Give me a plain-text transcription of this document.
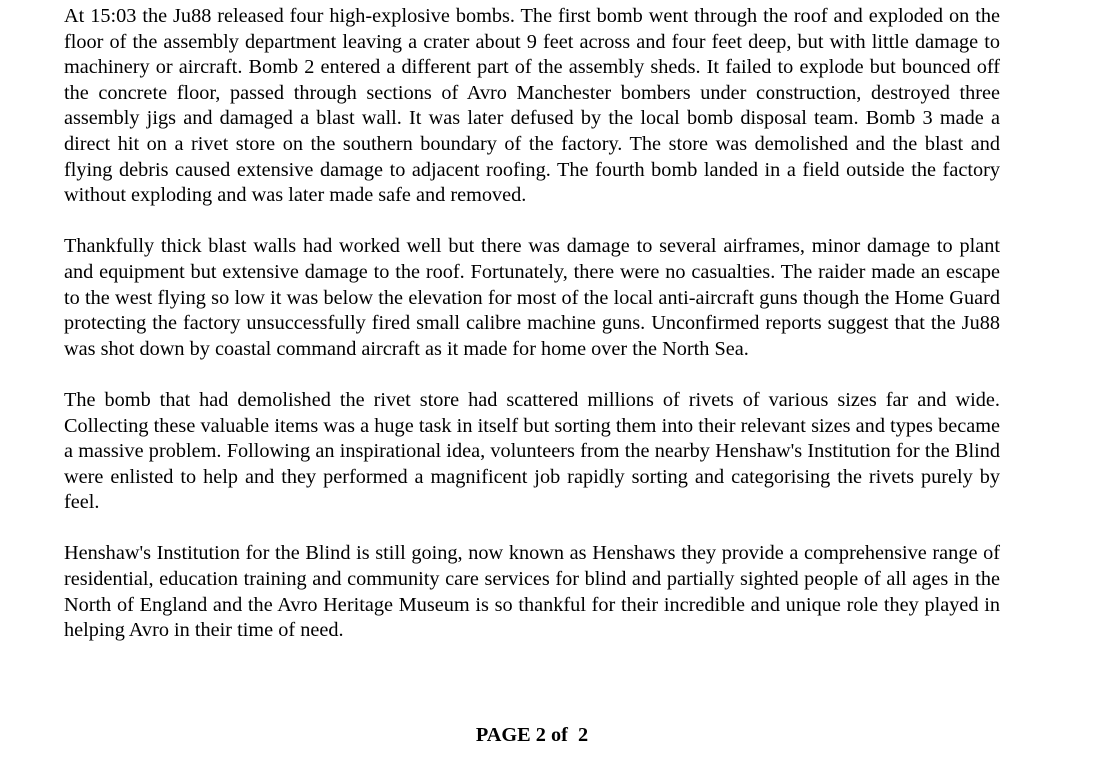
At 15:03 the Ju88 released four high-explosive bombs. The first bomb went through the roof and exploded on the floor of the assembly department leaving a crater about 9 feet across and four feet deep, but with little damage to machinery or aircraft. Bomb 2 entered a different part of the assembly sheds. It failed to explode but bounced off the concrete floor, passed through sections of Avro Manchester bombers under construction, destroyed three assembly jigs and damaged a blast wall. It was later defused by the local bomb disposal team. Bomb 3 made a direct hit on a rivet store on the southern boundary of the factory. The store was demolished and the blast and flying debris caused extensive damage to adjacent roofing. The fourth bomb landed in a field outside the factory without exploding and was later made safe and removed.

Thankfully thick blast walls had worked well but there was damage to several airframes, minor damage to plant and equipment but extensive damage to the roof. Fortunately, there were no casualties. The raider made an escape to the west flying so low it was below the elevation for most of the local anti-aircraft guns though the Home Guard protecting the factory unsuccessfully fired small calibre machine guns. Unconfirmed reports suggest that the Ju88 was shot down by coastal command aircraft as it made for home over the North Sea.

The bomb that had demolished the rivet store had scattered millions of rivets of various sizes far and wide. Collecting these valuable items was a huge task in itself but sorting them into their relevant sizes and types became a massive problem. Following an inspirational idea, volunteers from the nearby Henshaw's Institution for the Blind were enlisted to help and they performed a magnificent job rapidly sorting and categorising the rivets purely by feel.

Henshaw's Institution for the Blind is still going, now known as Henshaws they provide a comprehensive range of residential, education training and community care services for blind and partially sighted people of all ages in the North of England and the Avro Heritage Museum is so thankful for their incredible and unique role they played in helping Avro in their time of need.

PAGE 2 of  2
